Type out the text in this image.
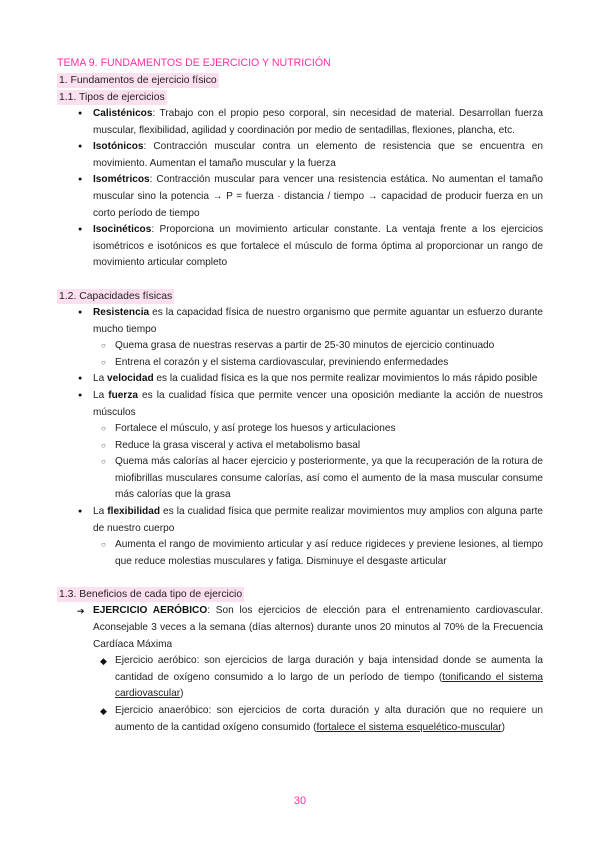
TEMA 9. FUNDAMENTOS DE EJERCICIO Y NUTRICIÓN
1. Fundamentos de ejercicio físico
1.1. Tipos de ejercicios
● Calisténicos: Trabajo con el propio peso corporal, sin necesidad de material. Desarrollan fuerza muscular, flexibilidad, agilidad y coordinación por medio de sentadillas, flexiones, plancha, etc.
● Isotónicos: Contracción muscular contra un elemento de resistencia que se encuentra en movimiento. Aumentan el tamaño muscular y la fuerza
● Isométricos: Contracción muscular para vencer una resistencia estática. No aumentan el tamaño muscular sino la potencia → P = fuerza · distancia / tiempo → capacidad de producir fuerza en un corto período de tiempo
● Isocinéticos: Proporciona un movimiento articular constante. La ventaja frente a los ejercicios isométricos e isotónicos es que fortalece el músculo de forma óptima al proporcionar un rango de movimiento articular completo
1.2. Capacidades físicas
● Resistencia es la capacidad física de nuestro organismo que permite aguantar un esfuerzo durante mucho tiempo
○ Quema grasa de nuestras reservas a partir de 25-30 minutos de ejercicio continuado
○ Entrena el corazón y el sistema cardiovascular, previniendo enfermedades
● La velocidad es la cualidad física es la que nos permite realizar movimientos lo más rápido posible
● La fuerza es la cualidad física que permite vencer una oposición mediante la acción de nuestros músculos
○ Fortalece el músculo, y así protege los huesos y articulaciones
○ Reduce la grasa visceral y activa el metabolismo basal
○ Quema más calorías al hacer ejercicio y posteriormente, ya que la recuperación de la rotura de miofibrillas musculares consume calorías, así como el aumento de la masa muscular consume más calorías que la grasa
● La flexibilidad es la cualidad física que permite realizar movimientos muy amplios con alguna parte de nuestro cuerpo
○ Aumenta el rango de movimiento articular y así reduce rigideces y previene lesiones, al tiempo que reduce molestias musculares y fatiga. Disminuye el desgaste articular
1.3. Beneficios de cada tipo de ejercicio
➔ EJERCICIO AERÓBICO: Son los ejercicios de elección para el entrenamiento cardiovascular. Aconsejable 3 veces a la semana (días alternos) durante unos 20 minutos al 70% de la Frecuencia Cardíaca Máxima
◆ Ejercicio aeróbico: son ejercicios de larga duración y baja intensidad donde se aumenta la cantidad de oxígeno consumido a lo largo de un período de tiempo (tonificando el sistema cardiovascular)
◆ Ejercicio anaeróbico: son ejercicios de corta duración y alta duración que no requiere un aumento de la cantidad oxígeno consumido (fortalece el sistema esquelético-muscular)
30
